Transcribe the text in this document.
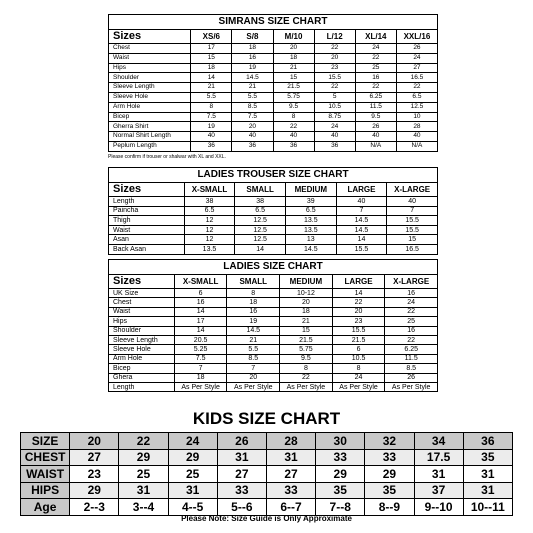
SIMRANS SIZE CHART
Sizes	XS/6	S/8	M/10	L/12	XL/14	XXL/16
Chest	17	18	20	22	24	26
Waist	15	16	18	20	22	24
Hips	18	19	21	23	25	27
Shoulder	14	14.5	15	15.5	16	16.5
Sleeve Length	21	21	21.5	22	22	22
Sleeve Hole	5.5	5.5	5.75	5	6.25	6.5
Arm Hole	8	8.5	9.5	10.5	11.5	12.5
Bicep	7.5	7.5	8	8.75	9.5	10
Gherra Shirt	19	20	22	24	26	28
Normal Shirt Length	40	40	40	40	40	40
Peplum Length	36	36	36	36	N/A	N/A
Please confirm if trouser or shalwar with XL and XXL.
LADIES TROUSER SIZE CHART
Sizes	X-SMALL	SMALL	MEDIUM	LARGE	X-LARGE
Length	38	38	39	40	40
Paincha	6.5	6.5	6.5	7	7
Thigh	12	12.5	13.5	14.5	15.5
Waist	12	12.5	13.5	14.5	15.5
Asan	12	12.5	13	14	15
Back Asan	13.5	14	14.5	15.5	16.5
LADIES SIZE CHART
Sizes	X-SMALL	SMALL	MEDIUM	LARGE	X-LARGE
UK Size	6	8	10-12	14	16
Chest	16	18	20	22	24
Waist	14	16	18	20	22
Hips	17	19	21	23	25
Shoulder	14	14.5	15	15.5	16
Sleeve Length	20.5	21	21.5	21.5	22
Sleeve Hole	5.25	5.5	5.75	6	6.25
Arm Hole	7.5	8.5	9.5	10.5	11.5
Bicep	7	7	8	8	8.5
Ghera	18	20	22	24	26
Length	As Per Style	As Per Style	As Per Style	As Per Style	As Per Style
KIDS SIZE CHART
SIZE	20	22	24	26	28	30	32	34	36
CHEST	27	29	29	31	31	33	33	17.5	35
WAIST	23	25	25	27	27	29	29	31	31
HIPS	29	31	31	33	33	35	35	37	31
Age	2--3	3--4	4--5	5--6	6--7	7--8	8--9	9--10	10--11
Please Note: Size Guide is Only Approximate
